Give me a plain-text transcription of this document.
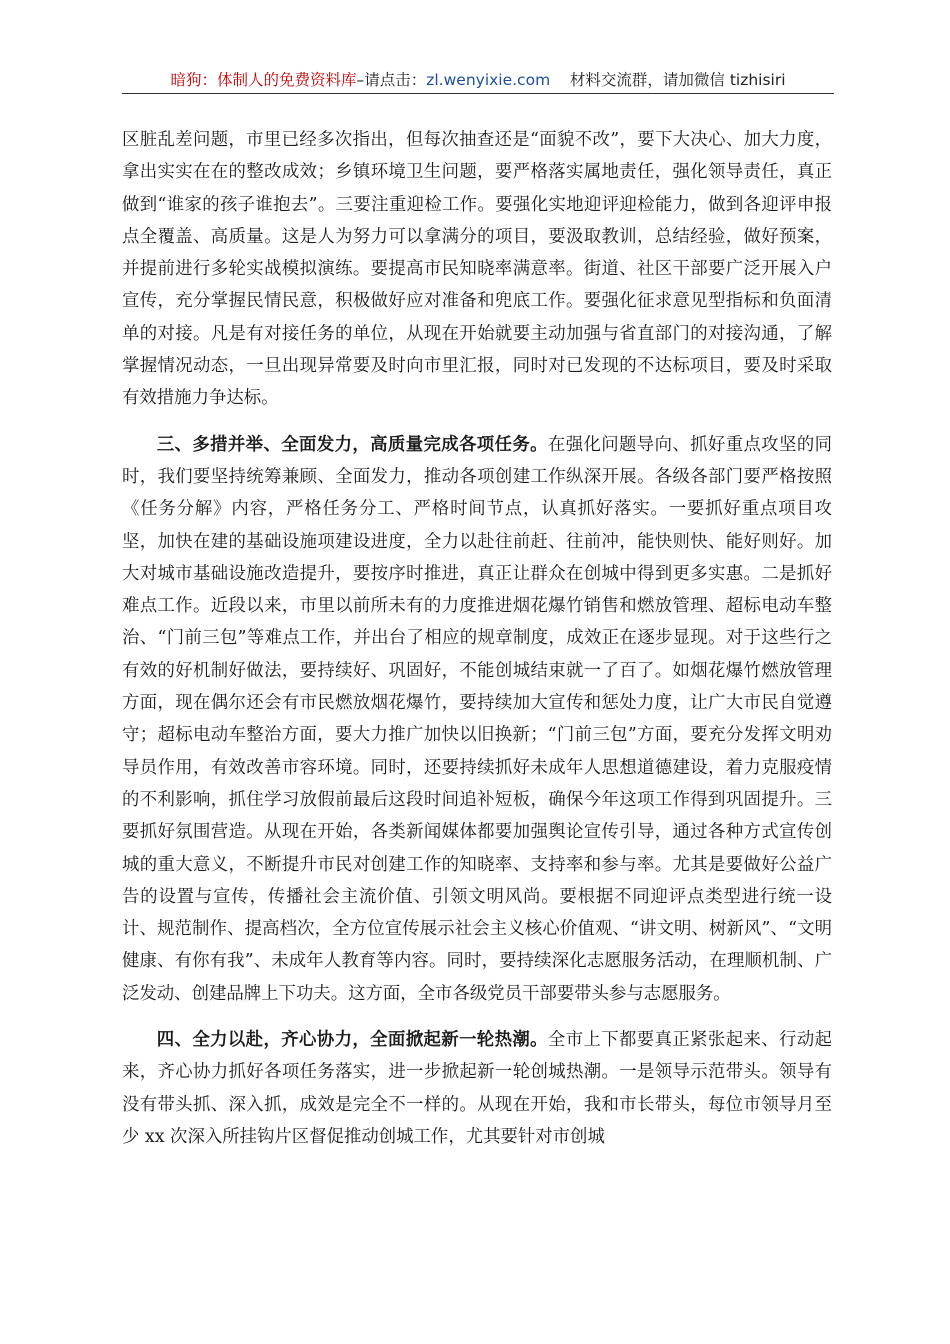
暗狗：体制人的免费资料库–请点击：zl.wenyixie.com 材料交流群，请加微信 tizhisiri

区脏乱差问题，市里已经多次指出，但每次抽查还是“面貌不改”，要下大决心、加大力度，拿出实实在在的整改成效；乡镇环境卫生问题，要严格落实属地责任，强化领导责任，真正做到“谁家的孩子谁抱去”。三要注重迎检工作。要强化实地迎评迎检能力，做到各迎评申报点全覆盖、高质量。这是人为努力可以拿满分的项目，要汲取教训，总结经验，做好预案，并提前进行多轮实战模拟演练。要提高市民知晓率满意率。街道、社区干部要广泛开展入户宣传，充分掌握民情民意，积极做好应对准备和兜底工作。要强化征求意见型指标和负面清单的对接。凡是有对接任务的单位，从现在开始就要主动加强与省直部门的对接沟通，了解掌握情况动态，一旦出现异常要及时向市里汇报，同时对已发现的不达标项目，要及时采取有效措施力争达标。

三、多措并举、全面发力，高质量完成各项任务。在强化问题导向、抓好重点攻坚的同时，我们要坚持统筹兼顾、全面发力，推动各项创建工作纵深开展。各级各部门要严格按照《任务分解》内容，严格任务分工、严格时间节点，认真抓好落实。一要抓好重点项目攻坚，加快在建的基础设施项建设进度，全力以赴往前赶、往前冲，能快则快、能好则好。加大对城市基础设施改造提升，要按序时推进，真正让群众在创城中得到更多实惠。二是抓好难点工作。近段以来，市里以前所未有的力度推进烟花爆竹销售和燃放管理、超标电动车整治、“门前三包”等难点工作，并出台了相应的规章制度，成效正在逐步显现。对于这些行之有效的好机制好做法，要持续好、巩固好，不能创城结束就一了百了。如烟花爆竹燃放管理方面，现在偶尔还会有市民燃放烟花爆竹，要持续加大宣传和惩处力度，让广大市民自觉遵守；超标电动车整治方面，要大力推广加快以旧换新；“门前三包”方面，要充分发挥文明劝导员作用，有效改善市容环境。同时，还要持续抓好未成年人思想道德建设，着力克服疫情的不利影响，抓住学习放假前最后这段时间追补短板，确保今年这项工作得到巩固提升。三要抓好氛围营造。从现在开始，各类新闻媒体都要加强舆论宣传引导，通过各种方式宣传创城的重大意义，不断提升市民对创建工作的知晓率、支持率和参与率。尤其是要做好公益广告的设置与宣传，传播社会主流价值、引领文明风尚。要根据不同迎评点类型进行统一设计、规范制作、提高档次，全方位宣传展示社会主义核心价值观、“讲文明、树新风”、“文明健康、有你有我”、未成年人教育等内容。同时，要持续深化志愿服务活动，在理顺机制、广泛发动、创建品牌上下功夫。这方面，全市各级党员干部要带头参与志愿服务。

四、全力以赴，齐心协力，全面掀起新一轮热潮。全市上下都要真正紧张起来、行动起来，齐心协力抓好各项任务落实，进一步掀起新一轮创城热潮。一是领导示范带头。领导有没有带头抓、深入抓，成效是完全不一样的。从现在开始，我和市长带头，每位市领导月至少 xx 次深入所挂钩片区督促推动创城工作，尤其要针对市创城
